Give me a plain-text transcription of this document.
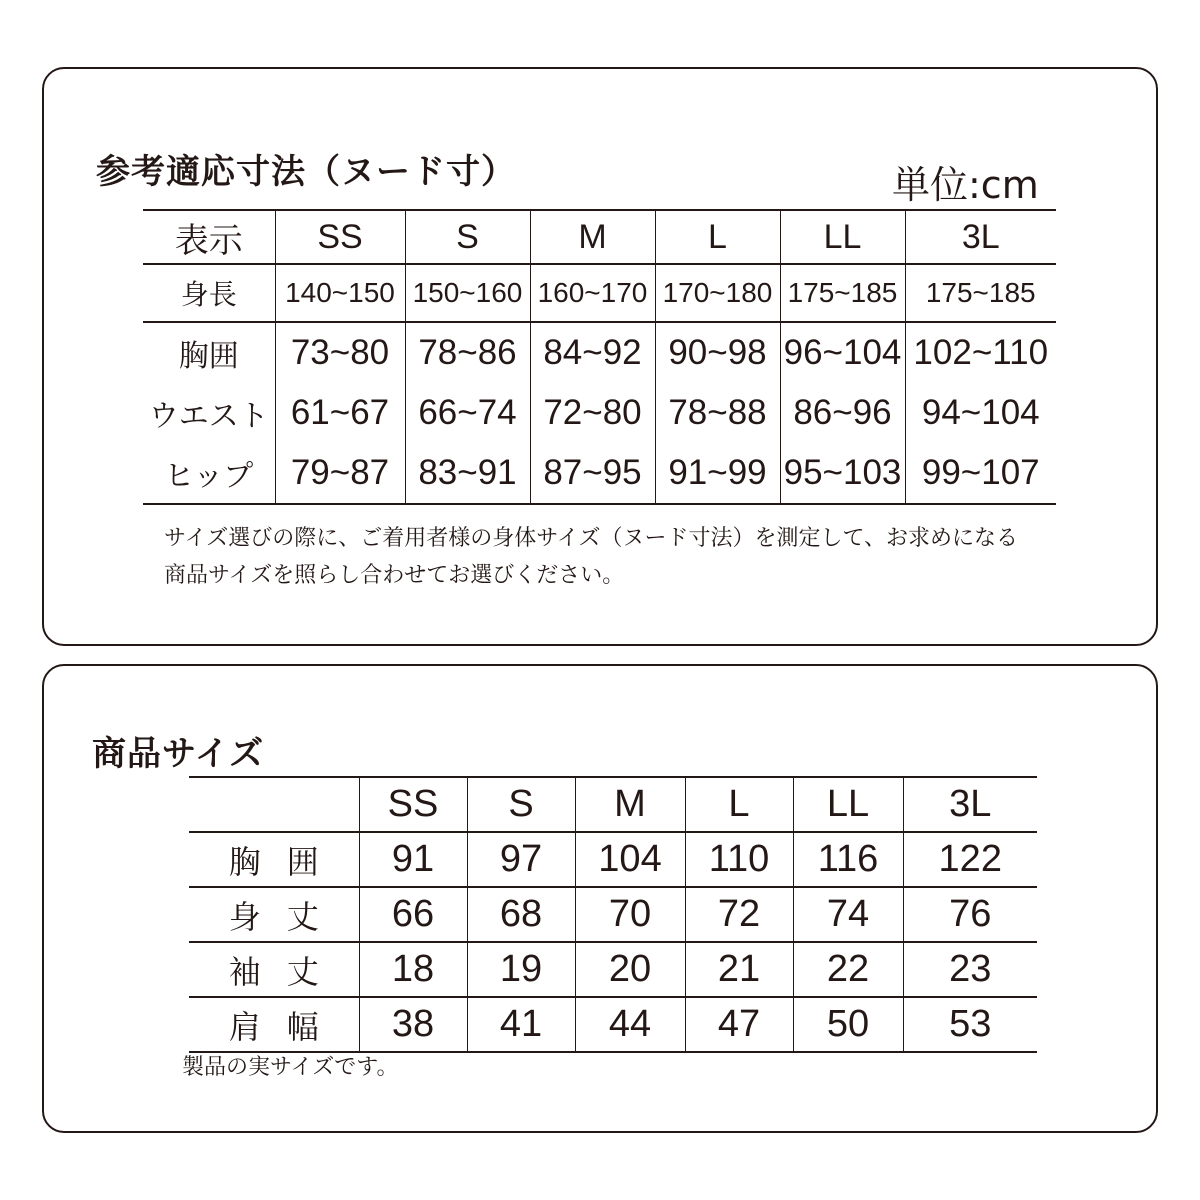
参考適応寸法（ヌード寸）	単位:cm
表示	SS	S	M	L	LL	3L
身長	140~150	150~160	160~170	170~180	175~185	175~185
胸囲	73~80	78~86	84~92	90~98	96~104	102~110
ウエスト	61~67	66~74	72~80	78~88	86~96	94~104
ヒップ	79~87	83~91	87~95	91~99	95~103	99~107
サイズ選びの際に、ご着用者様の身体サイズ（ヌード寸法）を測定して、お求めになる
商品サイズを照らし合わせてお選びください。
商品サイズ
	SS	S	M	L	LL	3L
胸囲	91	97	104	110	116	122
身丈	66	68	70	72	74	76
袖丈	18	19	20	21	22	23
肩幅	38	41	44	47	50	53
製品の実サイズです。
